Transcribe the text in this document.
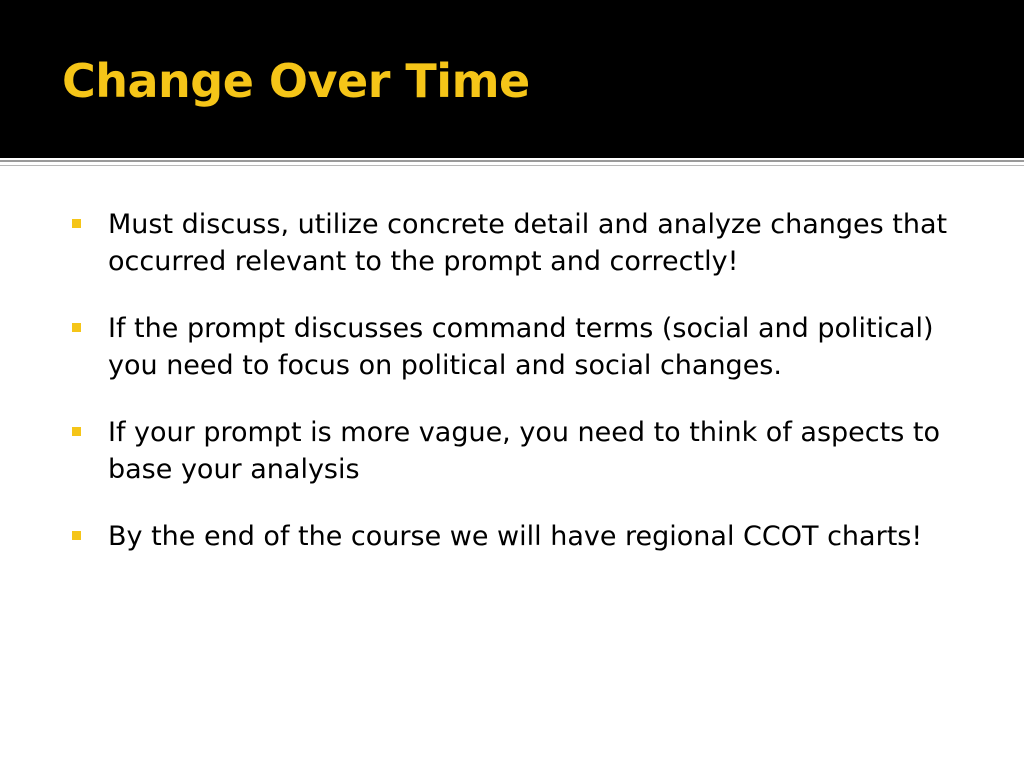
Change Over Time
Must discuss, utilize concrete detail and analyze changes that occurred relevant to the prompt and correctly!
If the prompt discusses command terms (social and political) you need to focus on political and social changes.
If your prompt is more vague, you need to think of aspects to base your analysis
By the end of the course we will have regional CCOT charts!
